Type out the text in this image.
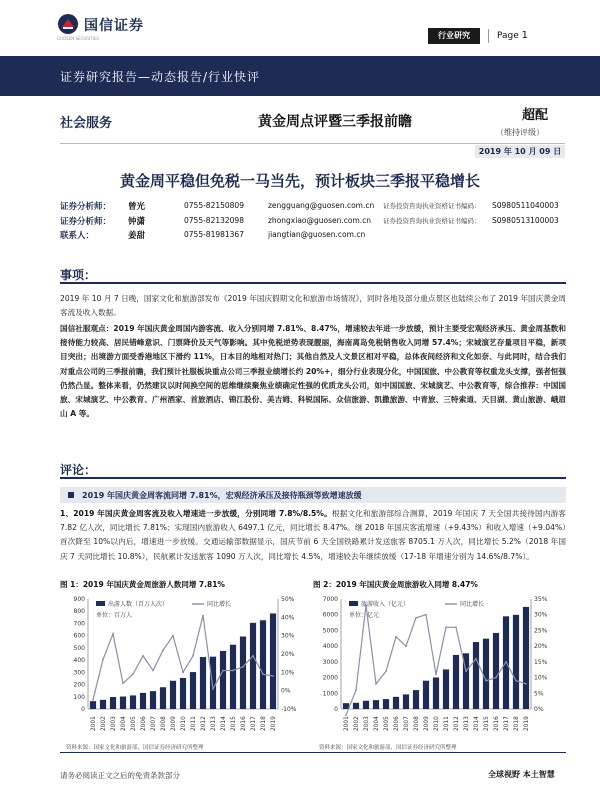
国信证券
GUOSEN SECURITIES	行业研究	Page 1
证券研究报告—动态报告/行业快评
社会服务	黄金周点评暨三季报前瞻	超配
（维持评级）
2019 年 10 月 09 日
黄金周平稳但免税一马当先，预计板块三季报平稳增长
证券分析师： 曾光	0755-82150809	zengguang@guosen.com.cn 证券投资咨询执业资格证书编码： S0980511040003
证券分析师： 钟潇	0755-82132098	zhongxiao@guosen.com.cn 证券投资咨询执业资格证书编码： S0980513100003
联系人：	姜甜	0755-81981367	jiangtian@guosen.com.cn
事项：
2019 年 10 月 7 日晚，国家文化和旅游部发布《2019 年国庆假期文化和旅游市场情况》，同时各地及部分重点景区也陆续公布了 2019 年国庆黄金周客流及收入数据。
国信社服观点：2019 年国庆黄金周国内游客流、收入分别同增 7.81%、8.47%，增速较去年进一步放缓，预计主要受宏观经济承压、黄金周基数和接待能力较高、居民错峰意识、门票降价及天气等影响。其中免税逆势表现靓丽，海南离岛免税销售收入同增 57.4%；宋城演艺存量项目平稳，新项目突出；出境游方面受香港地区下滑约 11%，日本目的地相对热门；其他自然及人文景区相对平稳，总体夜间经济和文化如奈、与此同时，结合我们对重点公司的三季报前瞻，我们预计社服板块重点公司三季报业绩增长约 20%+，细分行业表现分化，中国国旅、中公教育等权重龙头支撑，强者恒强仍然凸显。整体来看，仍然建议以时间换空间的思维继续聚焦业绩确定性强的优质龙头公司，如中国国旅、宋城演艺、中公教育等，综合推荐：中国国旅、宋城演艺、中公教育、广州酒家、首旅酒店、锦江股份、美吉姆、科锐国际、众信旅游、凯撒旅游、中青旅、三特索道、天目湖、黄山旅游、峨眉山 A 等。
评论：
2019 年国庆黄金周客流同增 7.81%，宏观经济承压及接待瓶颈等致增速放缓
1、2019 年国庆黄金周客流及收入增速进一步放缓，分别同增 7.8%/8.5%。根据文化和旅游部综合测算，2019 年国庆 7 天全国共接待国内游客 7.82 亿人次，同比增长 7.81%；实现国内旅游收入 6497.1 亿元，同比增长 8.47%。继 2018 年国庆客流增速（+9.43%）和收入增速（+9.04%）首次降至 10%以内后，增速进一步放缓。交通运输部数据显示，国庆节前 6 天全国铁路累计发送旅客 8705.1 万人次，同比增长 5.2%（2018 年国庆 7 天同比增长 10.8%），民航累计发送旅客 1090 万人次，同比增长 4.5%，增速较去年继续放缓（17-18 年增速分别为 14.6%/8.7%）。
图 1：2019 年国庆黄金周旅游人数同增 7.81%	图 2：2019 年国庆黄金周旅游收入同增 8.47%
0
100
200
300
400
500
600
700
800
900
-10%
0%
10%
20%
30%
40%
50%
2001 2002 2003 2004 2005 2006 2007 2008 2009 2010 2011 2012 2013 2014 2015 2016 2017 2018 2019
出游人数（百万人次）	同比增长
单位：百万人
0
1000
2000
3000
4000
5000
6000
7000
0%
5%
10%
15%
20%
25%
30%
35%
2001 2002 2003 2004 2005 2006 2007 2008 2009 2010 2011 2012 2013 2014 2015 2016 2017 2018 2019
旅游收入（亿元）	同比增长
单位：亿元
资料来源：国家文化和旅游部，国信证券经济研究所整理	资料来源：国家文化和旅游部，国信证券经济研究所整理
请务必阅读正文之后的免责条款部分	全球视野 本土智慧
